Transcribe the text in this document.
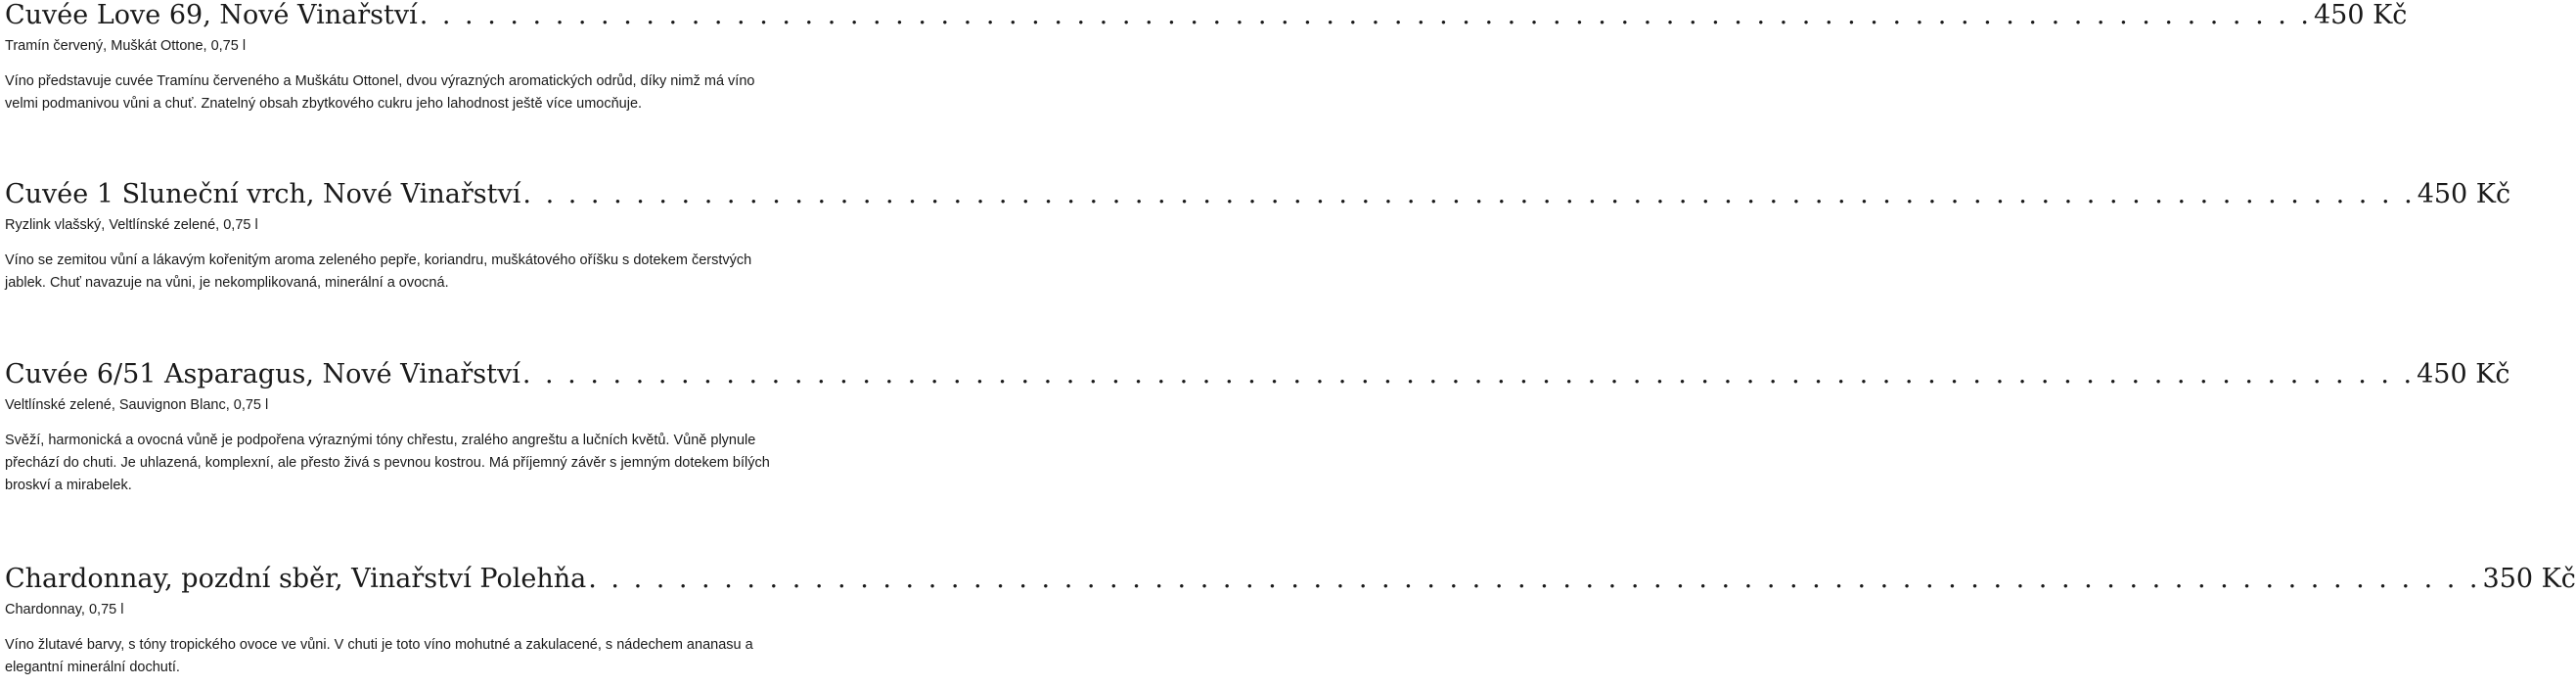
Cuvée Love 69, Nové Vinařství . . . . . . . . . . . . . . . . . . . . . . . . . . . . . . . . . . . . . . . . . . . . . . . . . . . . . . . . . . . . . . . . . . . . . . . . . . . . . . . . . . . . 450 Kč
Tramín červený, Muškát Ottone, 0,75 l
Víno představuje cuvée Tramínu červeného a Muškátu Ottonel, dvou výrazných aromatických odrůd, díky nimž má víno velmi podmanivou vůni a chuť. Znatelný obsah zbytkového cukru jeho lahodnost ještě více umocňuje.
Cuvée 1 Sluneční vrch, Nové Vinařství . . . . . . . . . . . . . . . . . . . . . . . . . . . . . . . . . . . . . . . . . . . . . . . . . . . . . . . . . . . . . . . . . . . . . . . . . . . . . . . . . . . . 450 Kč
Ryzlink vlašský, Veltlínské zelené, 0,75 l
Víno se zemitou vůní a lákavým kořenitým aroma zeleného pepře, koriandru, muškátového oříšku s dotekem čerstvých jablek. Chuť navazuje na vůni, je nekomplikovaná, minerální a ovocná.
Cuvée 6/51 Asparagus, Nové Vinařství . . . . . . . . . . . . . . . . . . . . . . . . . . . . . . . . . . . . . . . . . . . . . . . . . . . . . . . . . . . . . . . . . . . . . . . . . . . . . . . . . . . . 450 Kč
Veltlínské zelené, Sauvignon Blanc, 0,75 l
Svěží, harmonická a ovocná vůně je podpořena výraznými tóny chřestu, zralého angreštu a lučních květů. Vůně plynule přechází do chuti. Je uhlazená, komplexní, ale přesto živá s pevnou kostrou. Má příjemný závěr s jemným dotekem bílých broskví a mirabelek.
Chardonnay, pozdní sběr, Vinařství Polehňa . . . . . . . . . . . . . . . . . . . . . . . . . . . . . . . . . . . . . . . . . . . . . . . . . . . . . . . . . . . . . . . . . . . . . . . . . . . . . . . . . . . . 350 Kč
Chardonnay, 0,75 l
Víno žlutavé barvy, s tóny tropického ovoce ve vůni. V chuti je toto víno mohutné a zakulacené, s nádechem ananasu a elegantní minerální dochutí.
